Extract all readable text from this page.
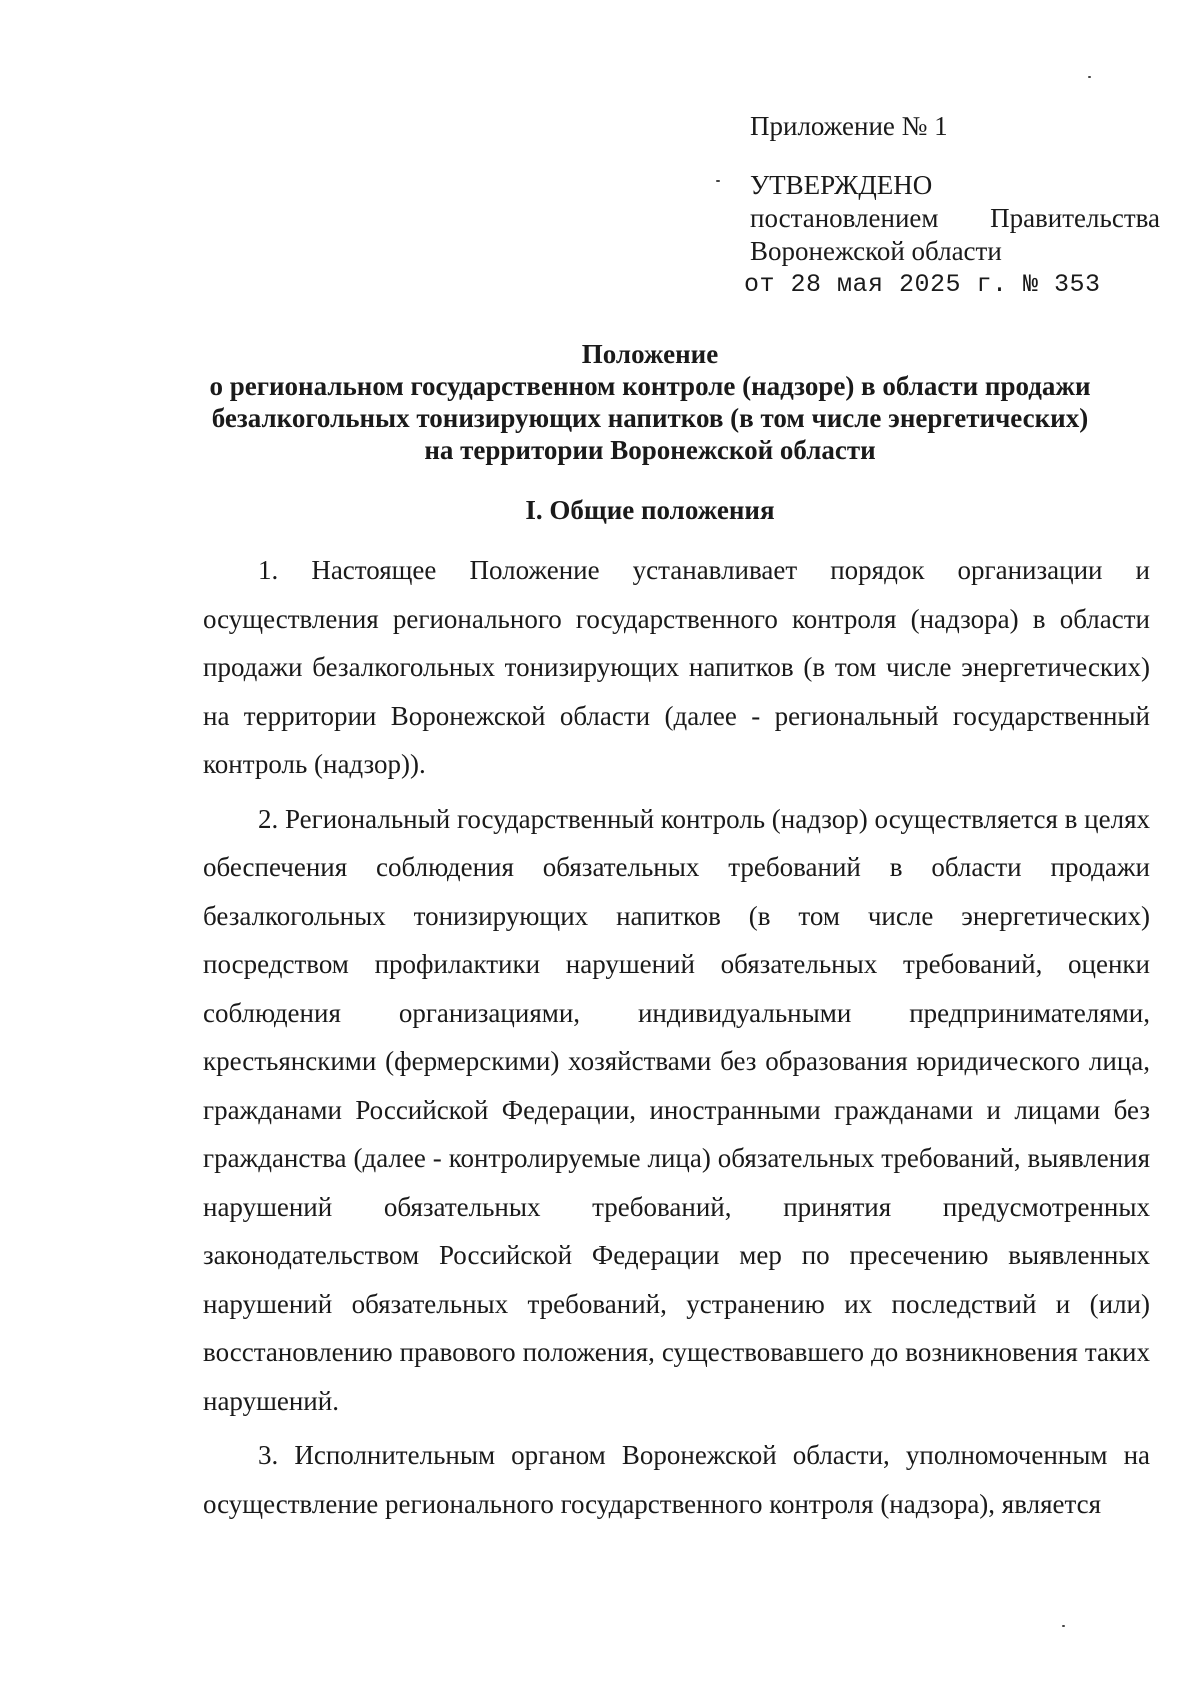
Приложение № 1
УТВЕРЖДЕНО
постановлением Правительства
Воронежской области
от 28 мая 2025 г. № 353
Положение
о региональном государственном контроле (надзоре) в области продажи
безалкогольных тонизирующих напитков (в том числе энергетических)
на территории Воронежской области
I. Общие положения

1. Настоящее Положение устанавливает порядок организации и осуществления регионального государственного контроля (надзора) в области продажи безалкогольных тонизирующих напитков (в том числе энергетических) на территории Воронежской области (далее - региональный государственный контроль (надзор)).

2. Региональный государственный контроль (надзор) осуществляется в целях обеспечения соблюдения обязательных требований в области продажи безалкогольных тонизирующих напитков (в том числе энергетических) посредством профилактики нарушений обязательных требований, оценки соблюдения организациями, индивидуальными предпринимателями, крестьянскими (фермерскими) хозяйствами без образования юридического лица, гражданами Российской Федерации, иностранными гражданами и лицами без гражданства (далее - контролируемые лица) обязательных требований, выявления нарушений обязательных требований, принятия предусмотренных законодательством Российской Федерации мер по пресечению выявленных нарушений обязательных требований, устранению их последствий и (или) восстановлению правового положения, существовавшего до возникновения таких нарушений.

3. Исполнительным органом Воронежской области, уполномоченным на осуществление регионального государственного контроля (надзора), является
